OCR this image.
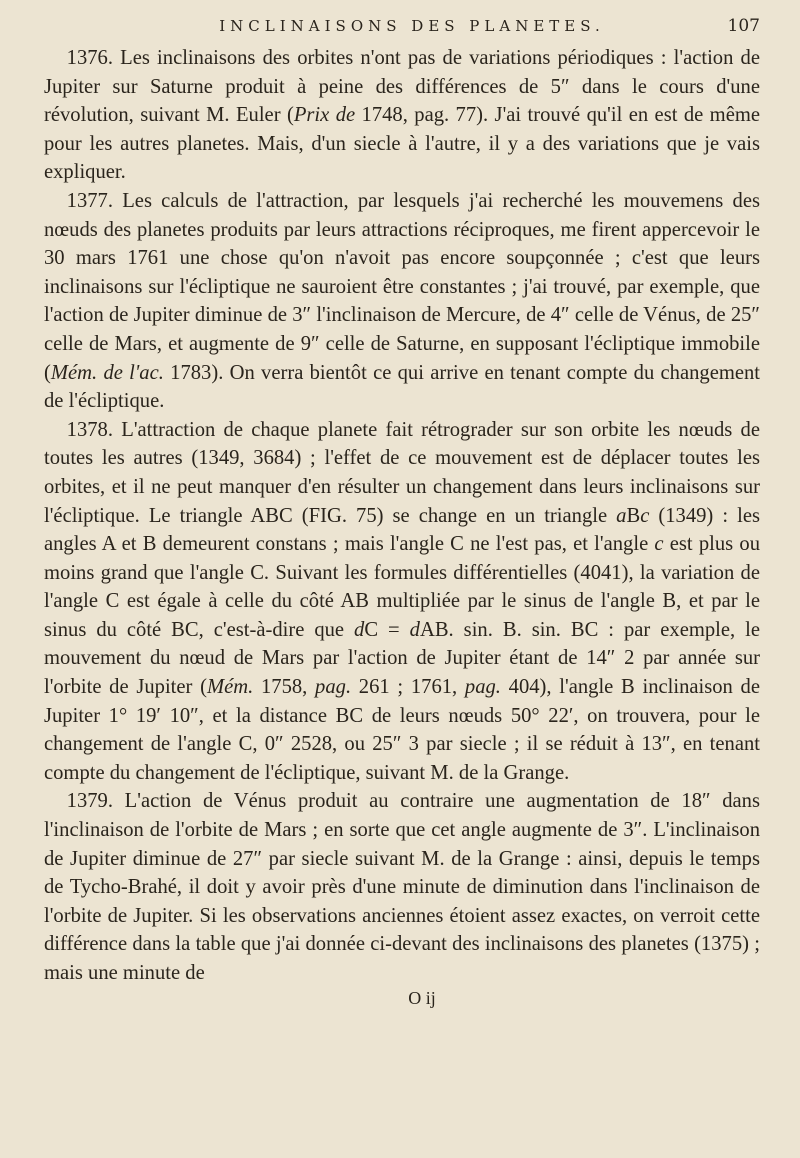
INCLINAISONS DES PLANETES.	107

1376. Les inclinaisons des orbites n'ont pas de variations périodiques : l'action de Jupiter sur Saturne produit à peine des différences de 5″ dans le cours d'une révolution, suivant M. Euler (Prix de 1748, pag. 77). J'ai trouvé qu'il en est de même pour les autres planetes. Mais, d'un siecle à l'autre, il y a des variations que je vais expliquer.

1377. Les calculs de l'attraction, par lesquels j'ai recherché les mouvemens des nœuds des planetes produits par leurs attractions réciproques, me firent appercevoir le 30 mars 1761 une chose qu'on n'avoit pas encore soupçonnée ; c'est que leurs inclinaisons sur l'écliptique ne sauroient être constantes ; j'ai trouvé, par exemple, que l'action de Jupiter diminue de 3″ l'inclinaison de Mercure, de 4″ celle de Vénus, de 25″ celle de Mars, et augmente de 9″ celle de Saturne, en supposant l'écliptique immobile (Mém. de l'ac. 1783). On verra bientôt ce qui arrive en tenant compte du changement de l'écliptique.

1378. L'attraction de chaque planete fait rétrograder sur son orbite les nœuds de toutes les autres (1349, 3684) ; l'effet de ce mouvement est de déplacer toutes les orbites, et il ne peut manquer d'en résulter un changement dans leurs inclinaisons sur l'écliptique. Le triangle ABC (FIG. 75) se change en un triangle aBc (1349) : les angles A et B demeurent constans ; mais l'angle C ne l'est pas, et l'angle c est plus ou moins grand que l'angle C. Suivant les formules différentielles (4041), la variation de l'angle C est égale à celle du côté AB multipliée par le sinus de l'angle B, et par le sinus du côté BC, c'est-à-dire que dC = dAB. sin. B. sin. BC : par exemple, le mouvement du nœud de Mars par l'action de Jupiter étant de 14″ 2 par année sur l'orbite de Jupiter (Mém. 1758, pag. 261 ; 1761, pag. 404), l'angle B inclinaison de Jupiter 1° 19′ 10″, et la distance BC de leurs nœuds 50° 22′, on trouvera, pour le changement de l'angle C, 0″ 2528, ou 25″ 3 par siecle ; il se réduit à 13″, en tenant compte du changement de l'écliptique, suivant M. de la Grange.

1379. L'action de Vénus produit au contraire une augmentation de 18″ dans l'inclinaison de l'orbite de Mars ; en sorte que cet angle augmente de 3″. L'inclinaison de Jupiter diminue de 27″ par siecle suivant M. de la Grange : ainsi, depuis le temps de Tycho-Brahé, il doit y avoir près d'une minute de diminution dans l'inclinaison de l'orbite de Jupiter. Si les observations anciennes étoient assez exactes, on verroit cette différence dans la table que j'ai donnée ci-devant des inclinaisons des planetes (1375) ; mais une minute de

O ij
